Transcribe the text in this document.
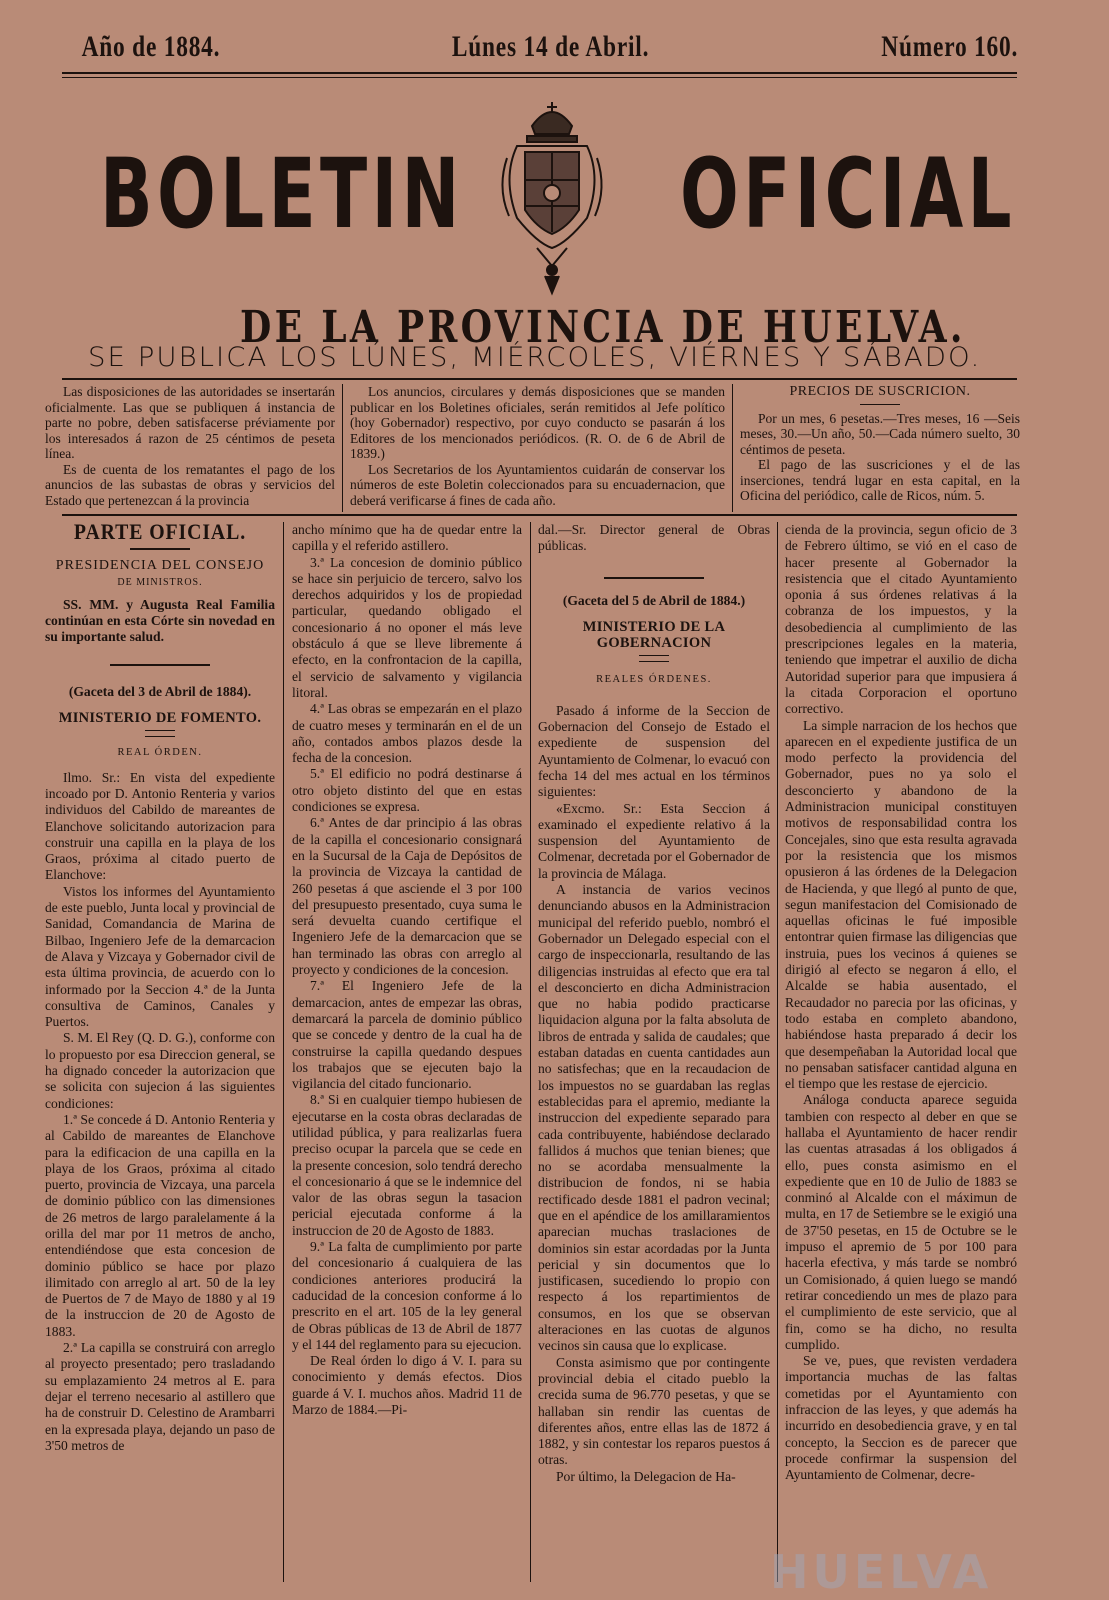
Año de 1884.	Lúnes 14 de Abril.	Número 160.
BOLETIN OFICIAL
DE LA PROVINCIA DE HUELVA.
SE PUBLICA LOS LÚNES, MIÉRCOLES, VIÉRNES Y SÁBADO.

Las disposiciones de las autoridades se insertarán oficialmente. Las que se publiquen á instancia de parte no pobre, deben satisfacerse préviamente por los interesados á razon de 25 céntimos de peseta línea.

Es de cuenta de los rematantes el pago de los anuncios de las subastas de obras y servicios del Estado que pertenezcan á la provincia

Los anuncios, circulares y demás disposiciones que se manden publicar en los Boletines oficiales, serán remitidos al Jefe político (hoy Gobernador) respectivo, por cuyo conducto se pasarán á los Editores de los mencionados periódicos. (R. O. de 6 de Abril de 1839.)

Los Secretarios de los Ayuntamientos cuidarán de conservar los números de este Boletin coleccionados para su encuadernacion, que deberá verificarse á fines de cada año.

PRECIOS DE SUSCRICION.

Por un mes, 6 pesetas.—Tres meses, 16 —Seis meses, 30.—Un año, 50.—Cada número suelto, 30 céntimos de peseta.

El pago de las suscriciones y el de las inserciones, tendrá lugar en esta capital, en la Oficina del periódico, calle de Ricos, núm. 5.

PARTE OFICIAL.

PRESIDENCIA DEL CONSEJO

DE MINISTROS.

SS. MM. y Augusta Real Familia continúan en esta Córte sin novedad en su importante salud.

(Gaceta del 3 de Abril de 1884).

MINISTERIO DE FOMENTO.

REAL ÓRDEN.

Ilmo. Sr.: En vista del expediente incoado por D. Antonio Renteria y varios individuos del Cabildo de mareantes de Elanchove solicitando autorizacion para construir una capilla en la playa de los Graos, próxima al citado puerto de Elanchove:

Vistos los informes del Ayuntamiento de este pueblo, Junta local y provincial de Sanidad, Comandancia de Marina de Bilbao, Ingeniero Jefe de la demarcacion de Alava y Vizcaya y Gobernador civil de esta última provincia, de acuerdo con lo informado por la Seccion 4.ª de la Junta consultiva de Caminos, Canales y Puertos.

S. M. El Rey (Q. D. G.), conforme con lo propuesto por esa Direccion general, se ha dignado conceder la autorizacion que se solicita con sujecion á las siguientes condiciones:

1.ª Se concede á D. Antonio Renteria y al Cabildo de mareantes de Elanchove para la edificacion de una capilla en la playa de los Graos, próxima al citado puerto, provincia de Vizcaya, una parcela de dominio público con las dimensiones de 26 metros de largo paralelamente á la orilla del mar por 11 metros de ancho, entendiéndose que esta concesion de dominio público se hace por plazo ilimitado con arreglo al art. 50 de la ley de Puertos de 7 de Mayo de 1880 y al 19 de la instruccion de 20 de Agosto de 1883.

2.ª La capilla se construirá con arreglo al proyecto presentado; pero trasladando su emplazamiento 24 metros al E. para dejar el terreno necesario al astillero que ha de construir D. Celestino de Arambarri en la expresada playa, dejando un paso de 3'50 metros de

ancho mínimo que ha de quedar entre la capilla y el referido astillero.

3.ª La concesion de dominio público se hace sin perjuicio de tercero, salvo los derechos adquiridos y los de propiedad particular, quedando obligado el concesionario á no oponer el más leve obstáculo á que se lleve libremente á efecto, en la confrontacion de la capilla, el servicio de salvamento y vigilancia litoral.

4.ª Las obras se empezarán en el plazo de cuatro meses y terminarán en el de un año, contados ambos plazos desde la fecha de la concesion.

5.ª El edificio no podrá destinarse á otro objeto distinto del que en estas condiciones se expresa.

6.ª Antes de dar principio á las obras de la capilla el concesionario consignará en la Sucursal de la Caja de Depósitos de la provincia de Vizcaya la cantidad de 260 pesetas á que asciende el 3 por 100 del presupuesto presentado, cuya suma le será devuelta cuando certifique el Ingeniero Jefe de la demarcacion que se han terminado las obras con arreglo al proyecto y condiciones de la concesion.

7.ª El Ingeniero Jefe de la demarcacion, antes de empezar las obras, demarcará la parcela de dominio público que se concede y dentro de la cual ha de construirse la capilla quedando despues los trabajos que se ejecuten bajo la vigilancia del citado funcionario.

8.ª Si en cualquier tiempo hubiesen de ejecutarse en la costa obras declaradas de utilidad pública, y para realizarlas fuera preciso ocupar la parcela que se cede en la presente concesion, solo tendrá derecho el concesionario á que se le indemnice del valor de las obras segun la tasacion pericial ejecutada conforme á la instruccion de 20 de Agosto de 1883.

9.ª La falta de cumplimiento por parte del concesionario á cualquiera de las condiciones anteriores producirá la caducidad de la concesion conforme á lo prescrito en el art. 105 de la ley general de Obras públicas de 13 de Abril de 1877 y el 144 del reglamento para su ejecucion.

De Real órden lo digo á V. I. para su conocimiento y demás efectos. Dios guarde á V. I. muchos años. Madrid 11 de Marzo de 1884.—Pi-

dal.—Sr. Director general de Obras públicas.

(Gaceta del 5 de Abril de 1884.)

MINISTERIO DE LA GOBERNACION

REALES ÓRDENES.

Pasado á informe de la Seccion de Gobernacion del Consejo de Estado el expediente de suspension del Ayuntamiento de Colmenar, lo evacuó con fecha 14 del mes actual en los términos siguientes:

«Excmo. Sr.: Esta Seccion á examinado el expediente relativo á la suspension del Ayuntamiento de Colmenar, decretada por el Gobernador de la provincia de Málaga.

A instancia de varios vecinos denunciando abusos en la Administracion municipal del referido pueblo, nombró el Gobernador un Delegado especial con el cargo de inspeccionarla, resultando de las diligencias instruidas al efecto que era tal el desconcierto en dicha Administracion que no habia podido practicarse liquidacion alguna por la falta absoluta de libros de entrada y salida de caudales; que estaban datadas en cuenta cantidades aun no satisfechas; que en la recaudacion de los impuestos no se guardaban las reglas establecidas para el apremio, mediante la instruccion del expediente separado para cada contribuyente, habiéndose declarado fallidos á muchos que tenian bienes; que no se acordaba mensualmente la distribucion de fondos, ni se habia rectificado desde 1881 el padron vecinal; que en el apéndice de los amillaramientos aparecian muchas traslaciones de dominios sin estar acordadas por la Junta pericial y sin documentos que lo justificasen, sucediendo lo propio con respecto á los repartimientos de consumos, en los que se observan alteraciones en las cuotas de algunos vecinos sin causa que lo explicase.

Consta asimismo que por contingente provincial debia el citado pueblo la crecida suma de 96.770 pesetas, y que se hallaban sin rendir las cuentas de diferentes años, entre ellas las de 1872 á 1882, y sin contestar los reparos puestos á otras.

Por último, la Delegacion de Ha-

cienda de la provincia, segun oficio de 3 de Febrero último, se vió en el caso de hacer presente al Gobernador la resistencia que el citado Ayuntamiento oponia á sus órdenes relativas á la cobranza de los impuestos, y la desobediencia al cumplimiento de las prescripciones legales en la materia, teniendo que impetrar el auxilio de dicha Autoridad superior para que impusiera á la citada Corporacion el oportuno correctivo.

La simple narracion de los hechos que aparecen en el expediente justifica de un modo perfecto la providencia del Gobernador, pues no ya solo el desconcierto y abandono de la Administracion municipal constituyen motivos de responsabilidad contra los Concejales, sino que esta resulta agravada por la resistencia que los mismos opusieron á las órdenes de la Delegacion de Hacienda, y que llegó al punto de que, segun manifestacion del Comisionado de aquellas oficinas le fué imposible entontrar quien firmase las diligencias que instruia, pues los vecinos á quienes se dirigió al efecto se negaron á ello, el Alcalde se habia ausentado, el Recaudador no parecia por las oficinas, y todo estaba en completo abandono, habiéndose hasta preparado á decir los que desempeñaban la Autoridad local que no pensaban satisfacer cantidad alguna en el tiempo que les restase de ejercicio.

Análoga conducta aparece seguida tambien con respecto al deber en que se hallaba el Ayuntamiento de hacer rendir las cuentas atrasadas á los obligados á ello, pues consta asimismo en el expediente que en 10 de Julio de 1883 se conminó al Alcalde con el máximun de multa, en 17 de Setiembre se le exigió una de 37'50 pesetas, en 15 de Octubre se le impuso el apremio de 5 por 100 para hacerla efectiva, y más tarde se nombró un Comisionado, á quien luego se mandó retirar concediendo un mes de plazo para el cumplimiento de este servicio, que al fin, como se ha dicho, no resulta cumplido.

Se ve, pues, que revisten verdadera importancia muchas de las faltas cometidas por el Ayuntamiento con infraccion de las leyes, y que además ha incurrido en desobediencia grave, y en tal concepto, la Seccion es de parecer que procede confirmar la suspension del Ayuntamiento de Colmenar, decre-

HUELVA
